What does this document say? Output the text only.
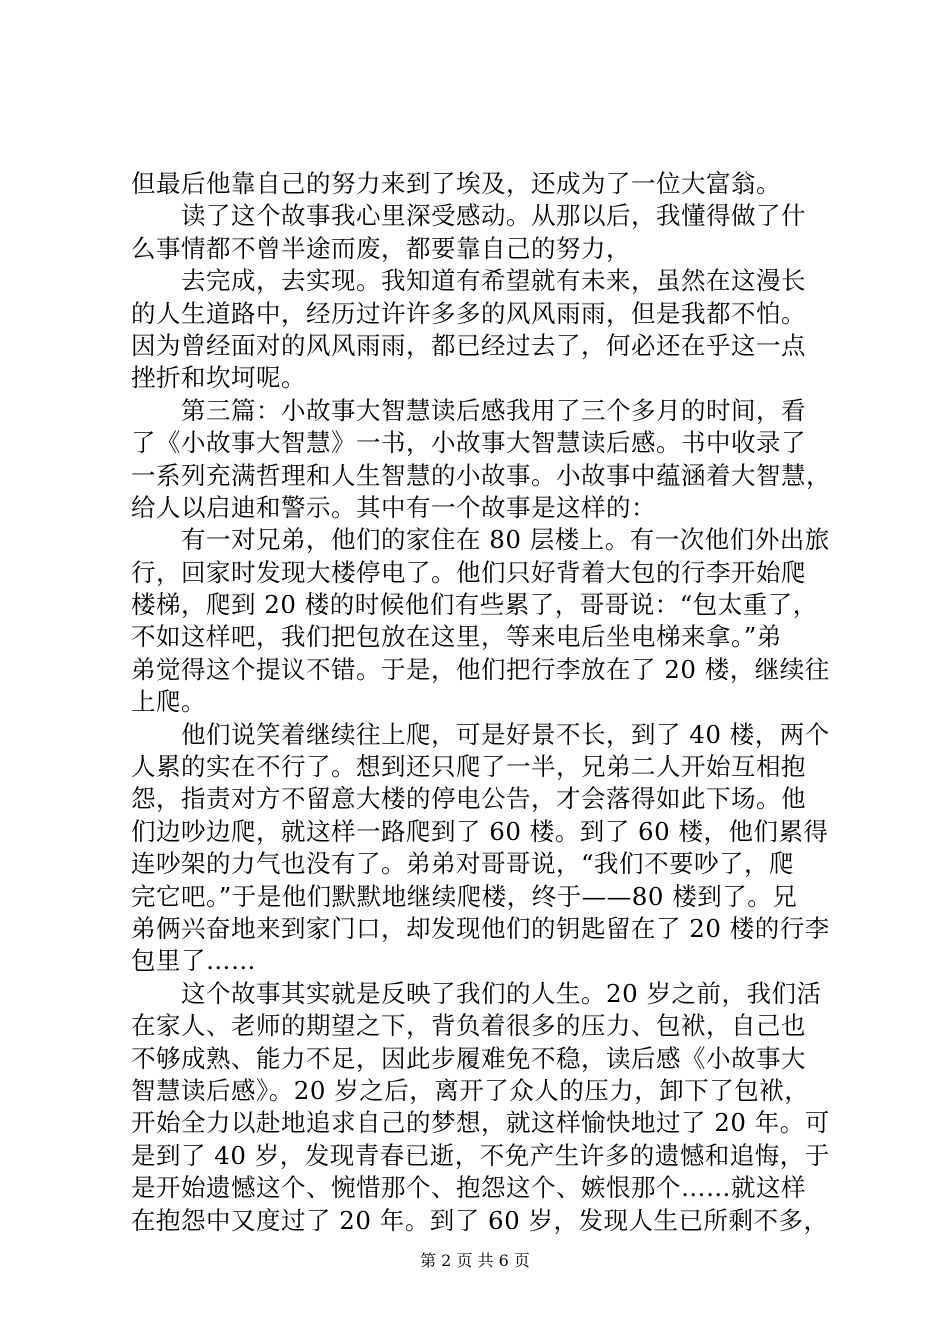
但最后他靠自己的努力来到了埃及，还成为了一位大富翁。
读了这个故事我心里深受感动。从那以后，我懂得做了什
么事情都不曾半途而废，都要靠自己的努力，
去完成，去实现。我知道有希望就有未来，虽然在这漫长
的人生道路中，经历过许许多多的风风雨雨，但是我都不怕。
因为曾经面对的风风雨雨，都已经过去了，何必还在乎这一点
挫折和坎坷呢。
第三篇：小故事大智慧读后感我用了三个多月的时间，看
了《小故事大智慧》一书，小故事大智慧读后感。书中收录了
一系列充满哲理和人生智慧的小故事。小故事中蕴涵着大智慧，
给人以启迪和警示。其中有一个故事是这样的：
有一对兄弟，他们的家住在 80 层楼上。有一次他们外出旅
行，回家时发现大楼停电了。他们只好背着大包的行李开始爬
楼梯，爬到 20 楼的时候他们有些累了，哥哥说：“包太重了，
不如这样吧，我们把包放在这里，等来电后坐电梯来拿。”弟
弟觉得这个提议不错。于是，他们把行李放在了 20 楼，继续往
上爬。
他们说笑着继续往上爬，可是好景不长，到了 40 楼，两个
人累的实在不行了。想到还只爬了一半，兄弟二人开始互相抱
怨，指责对方不留意大楼的停电公告，才会落得如此下场。他
们边吵边爬，就这样一路爬到了 60 楼。到了 60 楼，他们累得
连吵架的力气也没有了。弟弟对哥哥说，“我们不要吵了，爬
完它吧。”于是他们默默地继续爬楼，终于——80 楼到了。兄
弟俩兴奋地来到家门口，却发现他们的钥匙留在了 20 楼的行李
包里了……
这个故事其实就是反映了我们的人生。20 岁之前，我们活
在家人、老师的期望之下，背负着很多的压力、包袱，自己也
不够成熟、能力不足，因此步履难免不稳，读后感《小故事大
智慧读后感》。20 岁之后，离开了众人的压力，卸下了包袱，
开始全力以赴地追求自己的梦想，就这样愉快地过了 20 年。可
是到了 40 岁，发现青春已逝，不免产生许多的遗憾和追悔，于
是开始遗憾这个、惋惜那个、抱怨这个、嫉恨那个……就这样
在抱怨中又度过了 20 年。到了 60 岁，发现人生已所剩不多，
第 2 页 共 6 页
